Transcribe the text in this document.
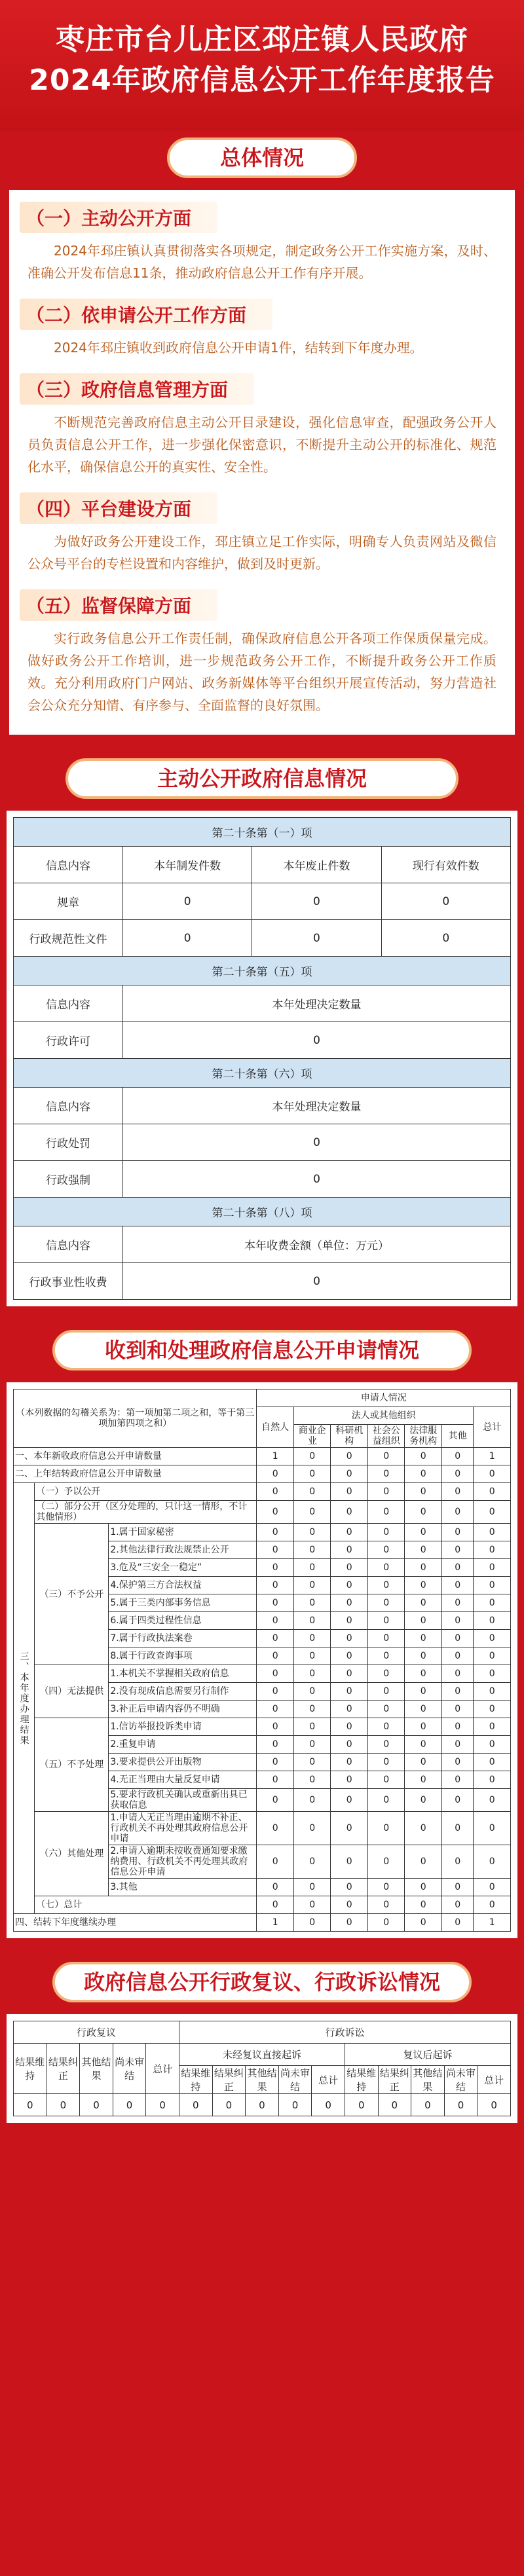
枣庄市台儿庄区邳庄镇人民政府
2024年政府信息公开工作年度报告
总体情况
（一）主动公开方面

2024年邳庄镇认真贯彻落实各项规定，制定政务公开工作实施方案，及时、准确公开发布信息11条，推动政府信息公开工作有序开展。

（二）依申请公开工作方面

2024年邳庄镇收到政府信息公开申请1件，结转到下年度办理。

（三）政府信息管理方面

不断规范完善政府信息主动公开目录建设，强化信息审查，配强政务公开人员负责信息公开工作，进一步强化保密意识，不断提升主动公开的标准化、规范化水平，确保信息公开的真实性、安全性。

（四）平台建设方面

为做好政务公开建设工作，邳庄镇立足工作实际，明确专人负责网站及微信公众号平台的专栏设置和内容维护，做到及时更新。

（五）监督保障方面

实行政务信息公开工作责任制，确保政府信息公开各项工作保质保量完成。做好政务公开工作培训，进一步规范政务公开工作，不断提升政务公开工作质效。充分利用政府门户网站、政务新媒体等平台组织开展宣传活动，努力营造社会公众充分知情、有序参与、全面监督的良好氛围。

主动公开政府信息情况
第二十条第（一）项			
信息内容	本年制发件数	本年废止件数	现行有效件数
规章	0	0	0
行政规范性文件	0	0	0
第二十条第（五）项			
信息内容	本年处理决定数量		
行政许可	0		
第二十条第（六）项			
信息内容	本年处理决定数量		
行政处罚	0		
行政强制	0		
第二十条第（八）项			
信息内容	本年收费金额（单位：万元）		
行政事业性收费	0		
收到和处理政府信息公开申请情况
（本列数据的勾稽关系为：第一项加第二项之和，等于第三项加第四项之和）			申请人情况						
			自然人	法人或其他组织					总计
				商业企业	科研机构	社会公益组织	法律服务机构	其他	
一、本年新收政府信息公开申请数量			1	0	0	0	0	0	1
二、上年结转政府信息公开申请数量			0	0	0	0	0	0	0
三、本年度办理结果	（一）予以公开		0	0	0	0	0	0	0
	（二）部分公开（区分处理的，只计这一情形，不计其他情形）		0	0	0	0	0	0	0
	（三）不予公开	1.属于国家秘密	0	0	0	0	0	0	0
		2.其他法律行政法规禁止公开	0	0	0	0	0	0	0
		3.危及“三安全一稳定”	0	0	0	0	0	0	0
		4.保护第三方合法权益	0	0	0	0	0	0	0
		5.属于三类内部事务信息	0	0	0	0	0	0	0
		6.属于四类过程性信息	0	0	0	0	0	0	0
		7.属于行政执法案卷	0	0	0	0	0	0	0
		8.属于行政查询事项	0	0	0	0	0	0	0
	（四）无法提供	1.本机关不掌握相关政府信息	0	0	0	0	0	0	0
		2.没有现成信息需要另行制作	0	0	0	0	0	0	0
		3.补正后申请内容仍不明确	0	0	0	0	0	0	0
	（五）不予处理	1.信访举报投诉类申请	0	0	0	0	0	0	0
		2.重复申请	0	0	0	0	0	0	0
		3.要求提供公开出版物	0	0	0	0	0	0	0
		4.无正当理由大量反复申请	0	0	0	0	0	0	0
		5.要求行政机关确认或重新出具已获取信息	0	0	0	0	0	0	0
	（六）其他处理	1.申请人无正当理由逾期不补正、行政机关不再处理其政府信息公开申请	0	0	0	0	0	0	0
		2.申请人逾期未按收费通知要求缴纳费用、行政机关不再处理其政府信息公开申请	0	0	0	0	0	0	0
		3.其他	0	0	0	0	0	0	0
	（七）总计		0	0	0	0	0	0	0
四、结转下年度继续办理			1	0	0	0	0	0	1
政府信息公开行政复议、行政诉讼情况
行政复议					行政诉讼									
结果维持	结果纠正	其他结果	尚未审结	总计	未经复议直接起诉					复议后起诉				
					结果维持	结果纠正	其他结果	尚未审结	总计	结果维持	结果纠正	其他结果	尚未审结	总计
0	0	0	0	0	0	0	0	0	0	0	0	0	0	0
